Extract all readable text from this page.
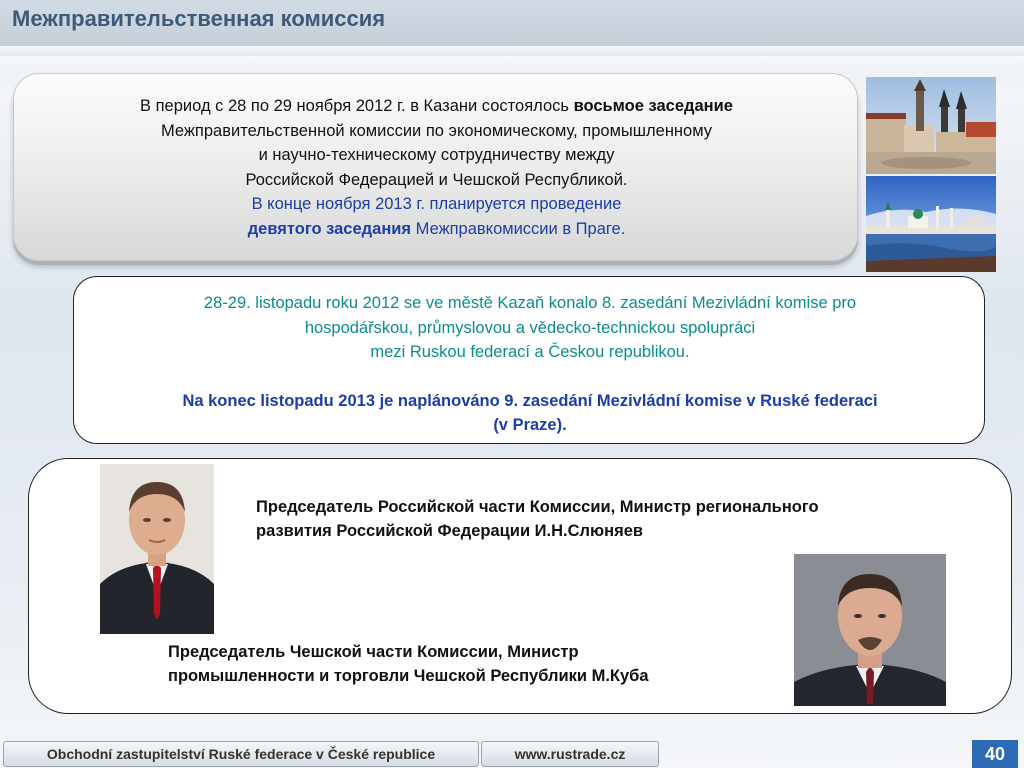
Межправительственная комиссия
В период с 28 по 29 ноября 2012 г. в Казани состоялось восьмое заседание
Межправительственной комиссии по экономическому, промышленному
и научно-техническому сотрудничеству между
Российской Федерацией и Чешской Республикой.
В конце ноября 2013 г. планируется проведение
девятого заседания Межправкомиссии в Праге.
28-29. listopadu roku 2012 se ve městě Kazaň konalo 8. zasedání Mezivládní komise pro
hospodářskou, průmyslovou a vědecko-technickou spolupráci
mezi Ruskou federací a Českou republikou.
Na konec listopadu 2013 je naplánováno 9. zasedání Mezivládní komise v Ruské federaci
(v Praze).
Председатель Российской части Комиссии, Министр регионального
развития Российской Федерации И.Н.Слюняев
Председатель Чешской части Комиссии, Министр
промышленности и торговли Чешской Республики М.Куба
Obchodní zastupitelství Ruské federace v České republice	www.rustrade.cz	40
